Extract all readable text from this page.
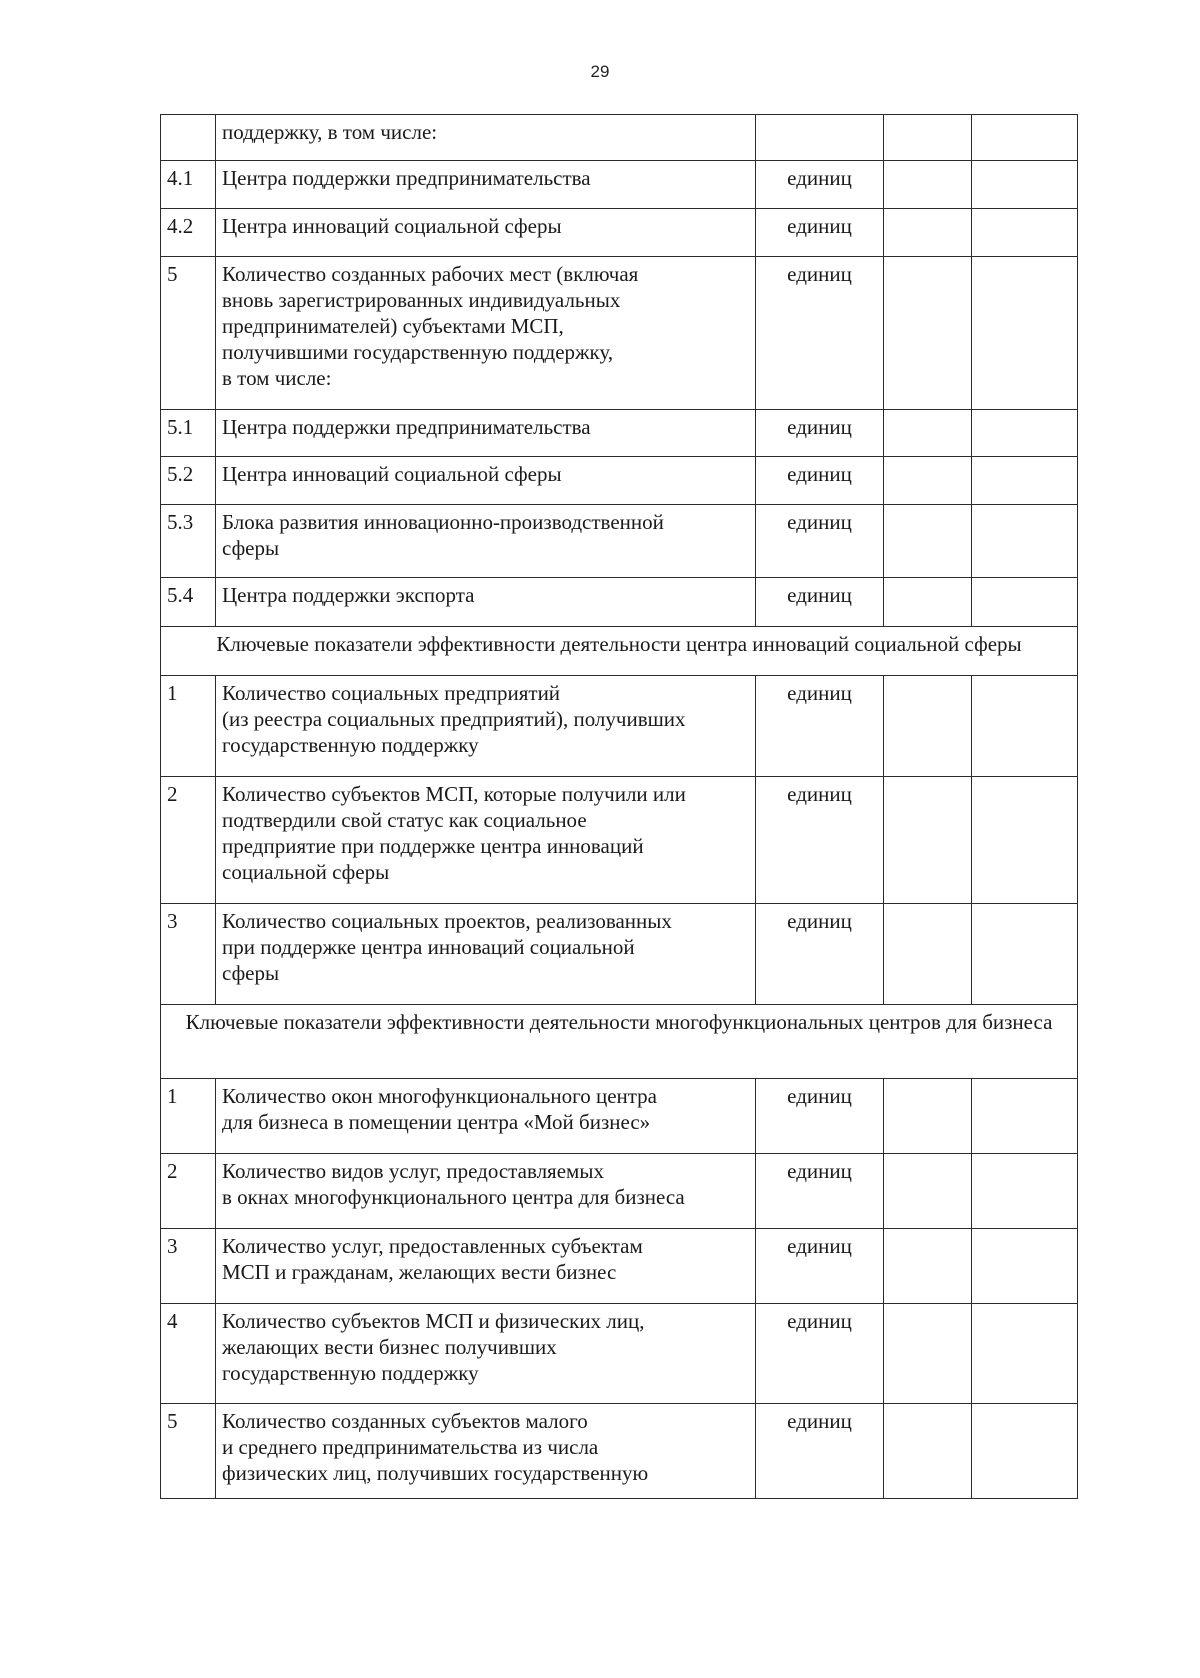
29

	поддержку, в том числе:			

4.1	Центра поддержки предпринимательства	единиц		
4.2	Центра инноваций социальной сферы	единиц		
5	Количество созданных рабочих мест (включая
вновь зарегистрированных индивидуальных
предпринимателей) субъектами МСП,
получившими государственную поддержку,
в том числе:	единиц		
5.1	Центра поддержки предпринимательства	единиц		
5.2	Центра инноваций социальной сферы	единиц		
5.3	Блока развития инновационно-производственной
сферы	единиц		
5.4	Центра поддержки экспорта	единиц		
Ключевые показатели эффективности деятельности центра инноваций социальной сферы				
1	Количество социальных предприятий
(из реестра социальных предприятий), получивших
государственную поддержку	единиц		
2	Количество субъектов МСП, которые получили или
подтвердили свой статус как социальное
предприятие при поддержке центра инноваций
социальной сферы	единиц		
3	Количество социальных проектов, реализованных
при поддержке центра инноваций социальной
сферы	единиц		
Ключевые показатели эффективности деятельности многофункциональных центров для бизнеса				
1	Количество окон многофункционального центра
для бизнеса в помещении центра «Мой бизнес»	единиц		
2	Количество видов услуг, предоставляемых
в окнах многофункционального центра для бизнеса	единиц		
3	Количество услуг, предоставленных субъектам
МСП и гражданам, желающих вести бизнес	единиц		
4	Количество субъектов МСП и физических лиц,
желающих вести бизнес получивших
государственную поддержку	единиц		
5	Количество созданных субъектов малого
и среднего предпринимательства из числа
физических лиц, получивших государственную	единиц		
